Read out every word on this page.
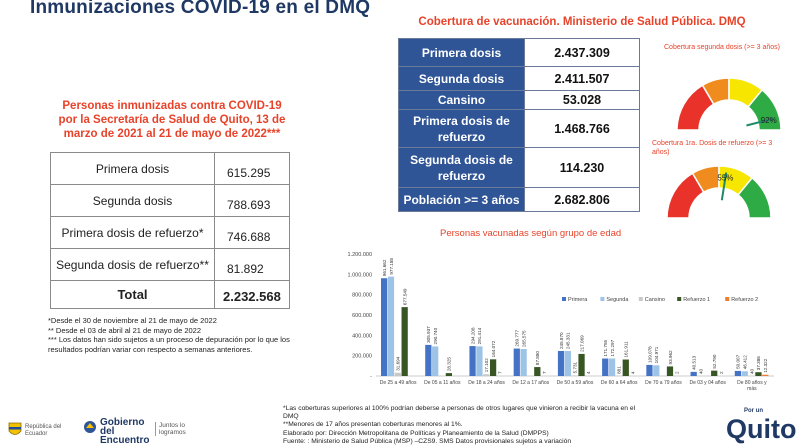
Inmunizaciones COVID-19 en el DMQ
Personas inmunizadas contra COVID-19
por la Secretaría de Salud de Quito, 13 de
marzo de 2021 al 21 de mayo de 2022***
Primera dosis	615.295
Segunda dosis	788.693
Primera dosis de refuerzo*	746.688
Segunda dosis de refuerzo**	81.892
Total	2.232.568
*Desde el 30 de noviembre al 21 de mayo de 2022
** Desde el 03 de abril al 21 de mayo de 2022
*** Los datos han sido sujetos a un proceso de depuración por lo que los resultados podrían variar con respecto a semanas anteriores.
Cobertura de vacunación. Ministerio de Salud Pública. DMQ
Primera dosis	2.437.309
Segunda dosis	2.411.507
Cansino	53.028
Primera dosis de refuerzo	1.468.766
Segunda dosis de refuerzo	114.230
Población >= 3 años	2.682.806
Cobertura segunda dosis (>= 3 años)
Cobertura 1ra. Dosis de refuerzo (>= 3 años)
92%
55%
Personas vacunadas según grupo de edad
1.200.000
1.000.000
800.000
600.000
400.000
200.000
-
961.662 977.188
31.694
677.549
De 25 a 49 años
305.937 290.740
28.325
De 05 a 11 años
294.208 291.414
17.102
164.072
7
De 18 a 24 años
269.777 265.575
87.880
7
De 12 a 17 años
245.870 245.331
5.731
217.069
4
De 50 a 59 años
171.755 172.297
881
161.911
4
De 60 a 64 años
109.078 104.971 93.962
2
De 70 a 79 años
40.513
40
52.790
2
De 03 y 04 años
50.007 46.412
40
37.386 12.322
De 80 años y
más
Primera	Segunda	Cansino	Refuerzo 1	Refuerzo 2
*Las coberturas superiores al 100% podrían deberse a personas de otros lugares que vinieron a recibir la vacuna en el DMQ
**Menores de 17 años presentan coberturas menores al 1%.
Elaborado por: Dirección Metropolitana de Políticas y Planeamiento de la Salud (DMPPS)
Fuente: : Ministerio de Salud Pública (MSP) –CZS9. SMS Datos provisionales sujetos a variación
República del Ecuador
Gobierno del Encuentro
Juntos lo logramos
Por un
Quito
